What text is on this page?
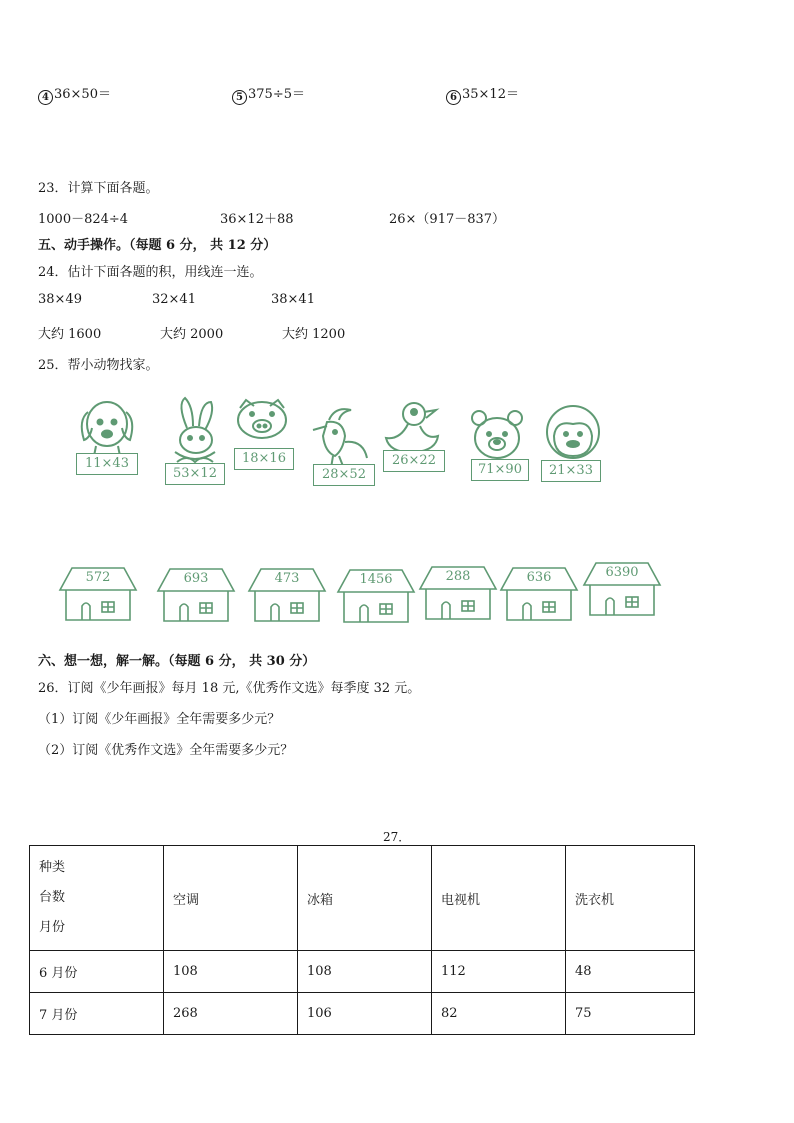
4 36×50＝	5 375÷5＝	6 35×12＝
23．计算下面各题。
1000－824÷4	36×12＋88	26×（917－837）
五、动手操作。（每题 6 分， 共 12 分）
24．估计下面各题的积，用线连一连。
38×49	32×41	38×41
大约 1600	大约 2000	大约 1200
25．帮小动物找家。
11×43
53×12
18×16
28×52
26×22
71×90	21×33
572	693	473	1456	288	636	6390
六、想一想，解一解。（每题 6 分， 共 30 分）
26．订阅《少年画报》每月 18 元,《优秀作文选》每季度 32 元。
（1）订阅《少年画报》全年需要多少元？
（2）订阅《优秀作文选》全年需要多少元？
27．
种类
台数
月份	空调	冰箱	电视机	洗衣机
6 月份	108	108	112	48
7 月份	268	106	82	75
